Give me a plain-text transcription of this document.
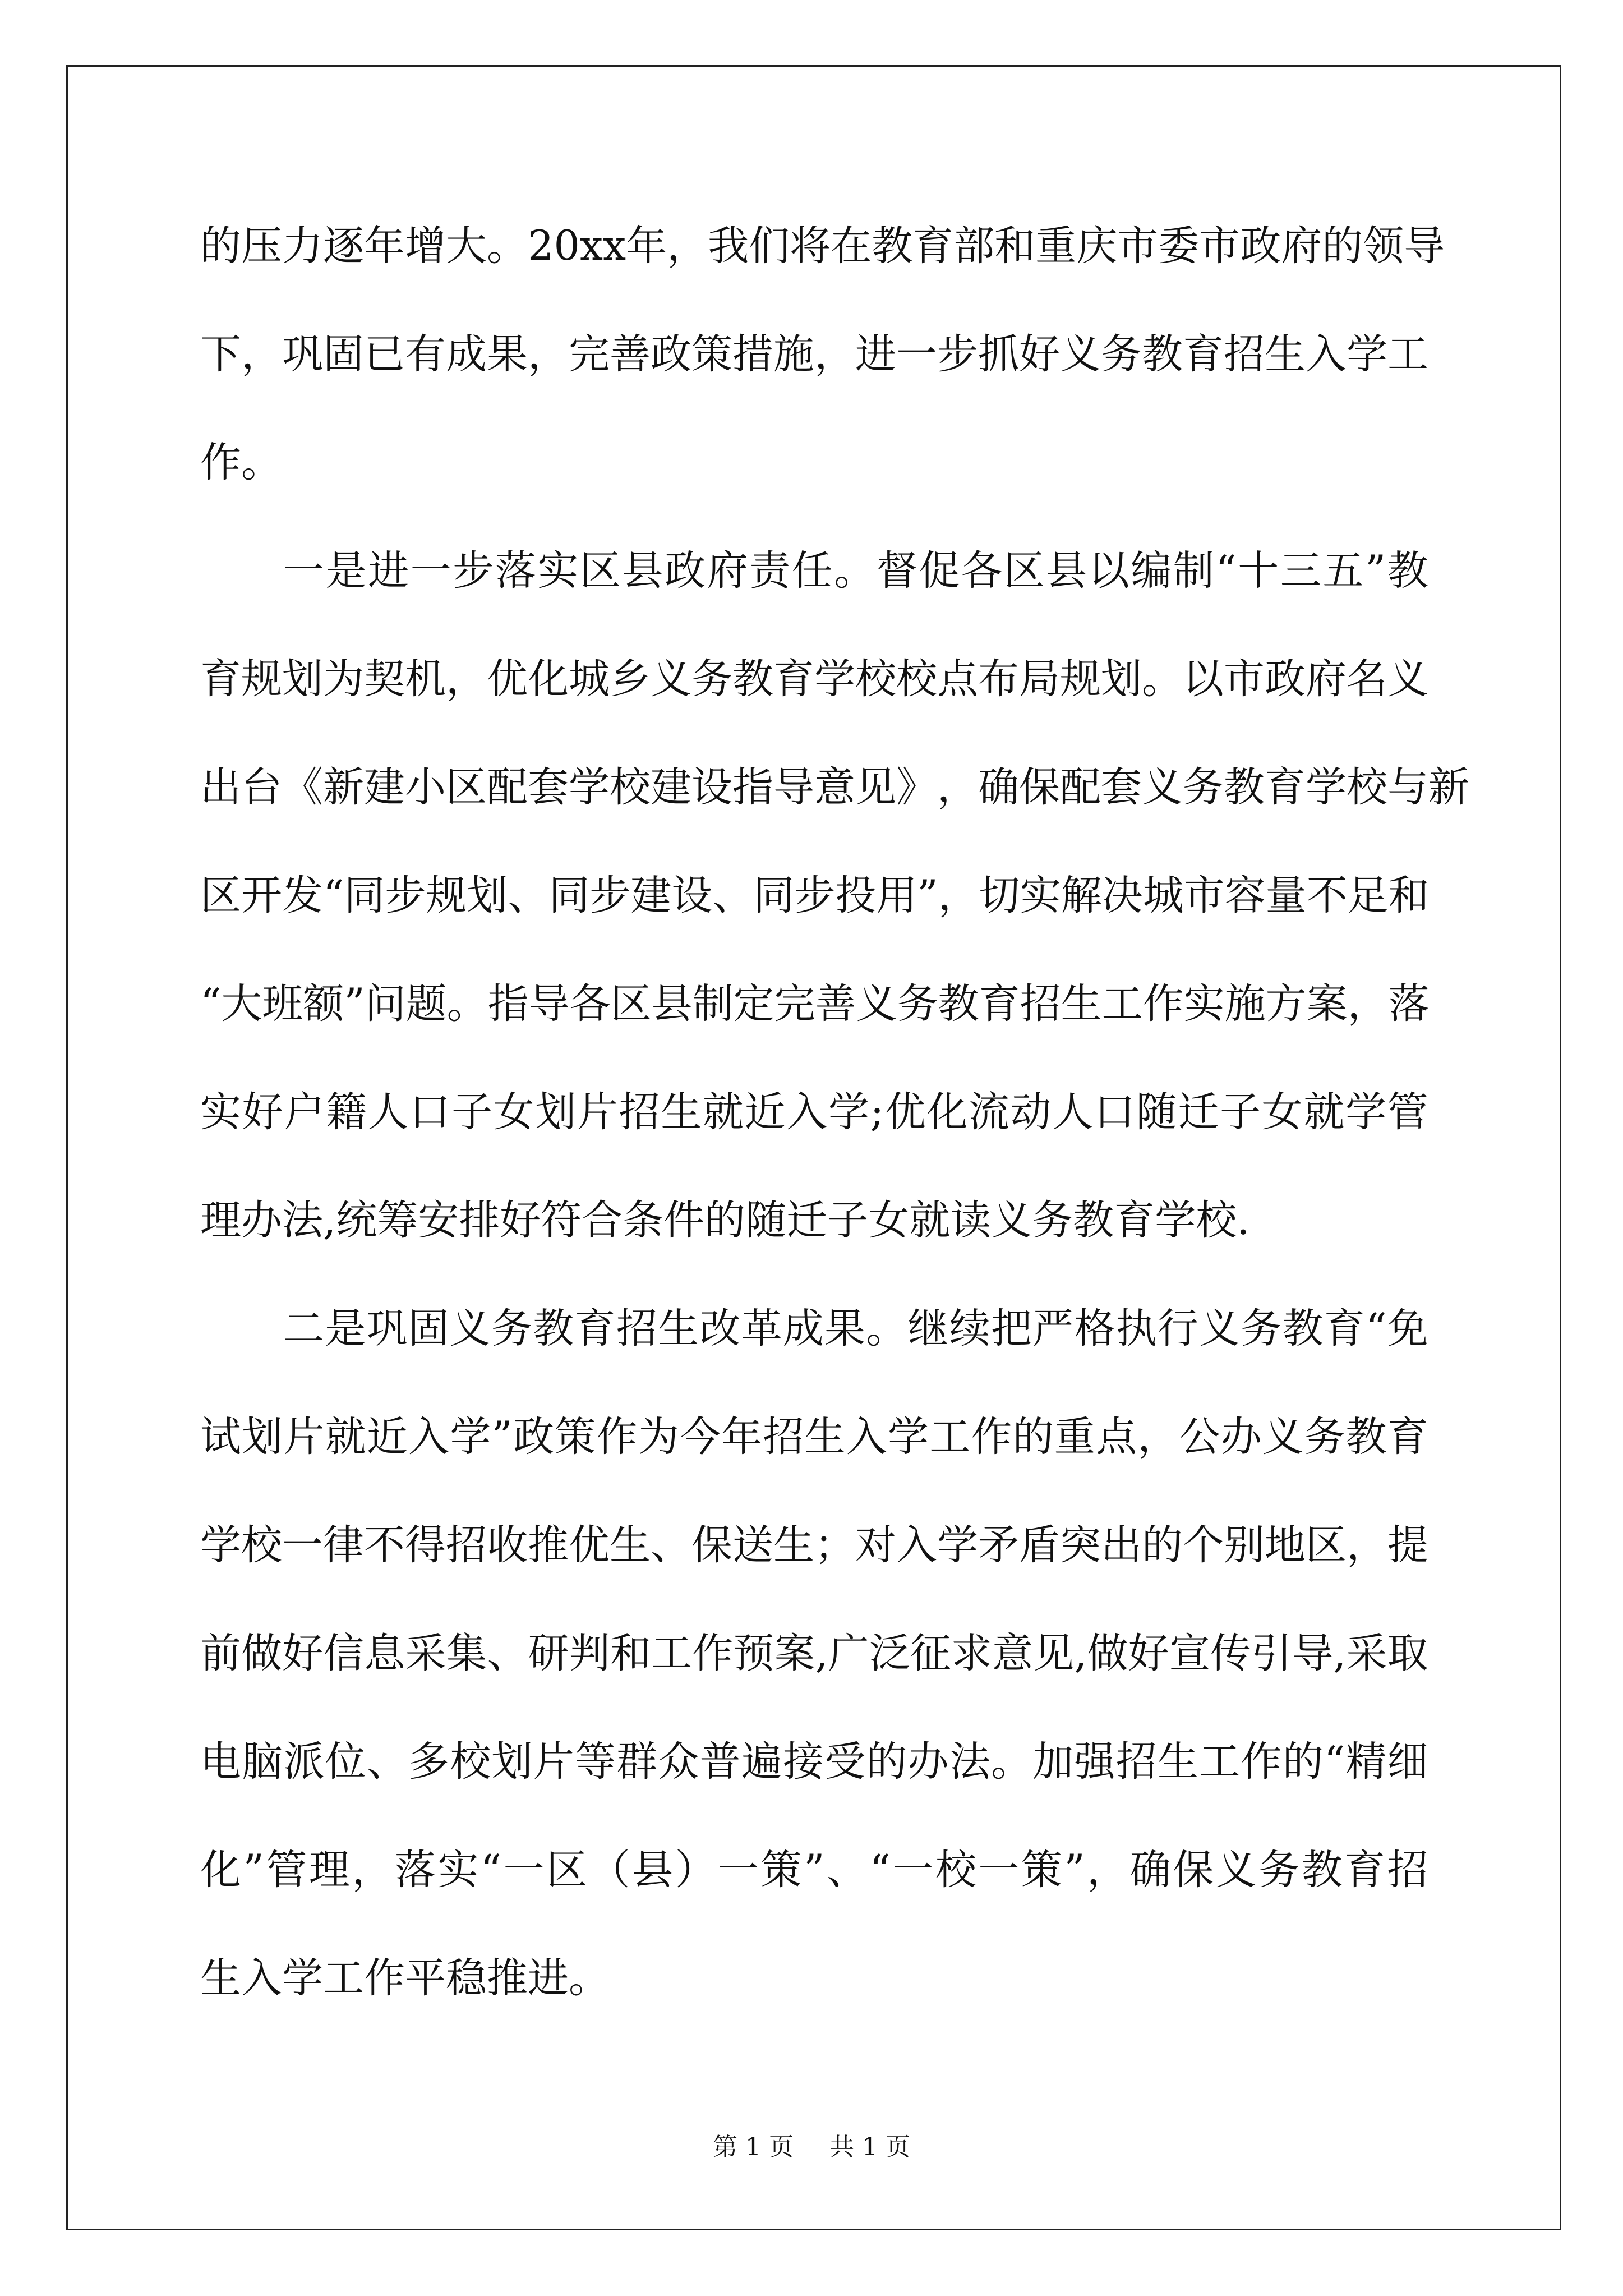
的 压 力 逐 年 增 大 。 20xx 年 ， 我 们 将 在 教 育 部 和 重 庆 市 委 市 政 府 的 领 导
下 ， 巩 固 已 有 成 果 ， 完 善 政 策 措 施 ， 进 一 步 抓 好 义 务 教 育 招 生 入 学 工
作。
一 是 进 一 步 落 实 区 县 政 府 责 任 。 督 促 各 区 县 以 编 制 “ 十 三 五 ” 教
育 规 划 为 契 机 ， 优 化 城 乡 义 务 教 育 学 校 校 点 布 局 规 划 。 以 市 政 府 名 义
出 台 《 新 建 小 区 配 套 学 校 建 设 指 导 意 见 》 ， 确 保 配 套 义 务 教 育 学 校 与 新
区 开 发 “ 同 步 规 划 、 同 步 建 设 、 同 步 投 用 ” ， 切 实 解 决 城 市 容 量 不 足 和
“ 大 班 额 ” 问 题 。 指 导 各 区 县 制 定 完 善 义 务 教 育 招 生 工 作 实 施 方 案 ， 落
实 好 户 籍 人 口 子 女 划 片 招 生 就 近 入 学 ; 优 化 流 动 人 口 随 迁 子 女 就 学 管
理办法,统筹安排好符合条件的随迁子女就读义务教育学校.
二 是 巩 固 义 务 教 育 招 生 改 革 成 果 。 继 续 把 严 格 执 行 义 务 教 育 “ 免
试 划 片 就 近 入 学 ” 政 策 作 为 今 年 招 生 入 学 工 作 的 重 点 ， 公 办 义 务 教 育
学 校 一 律 不 得 招 收 推 优 生 、 保 送 生 ； 对 入 学 矛 盾 突 出 的 个 别 地 区 ， 提
前 做 好 信 息 采 集 、 研 判 和 工 作 预 案 , 广 泛 征 求 意 见 , 做 好 宣 传 引 导 , 采 取
电 脑 派 位 、 多 校 划 片 等 群 众 普 遍 接 受 的 办 法 。 加 强 招 生 工 作 的 “ 精 细
化 ” 管 理 ， 落 实 “ 一 区 （ 县 ） 一 策 ” 、 “ 一 校 一 策 ” ， 确 保 义 务 教 育 招
生入学工作平稳推进。
第 1 页 共 1 页
